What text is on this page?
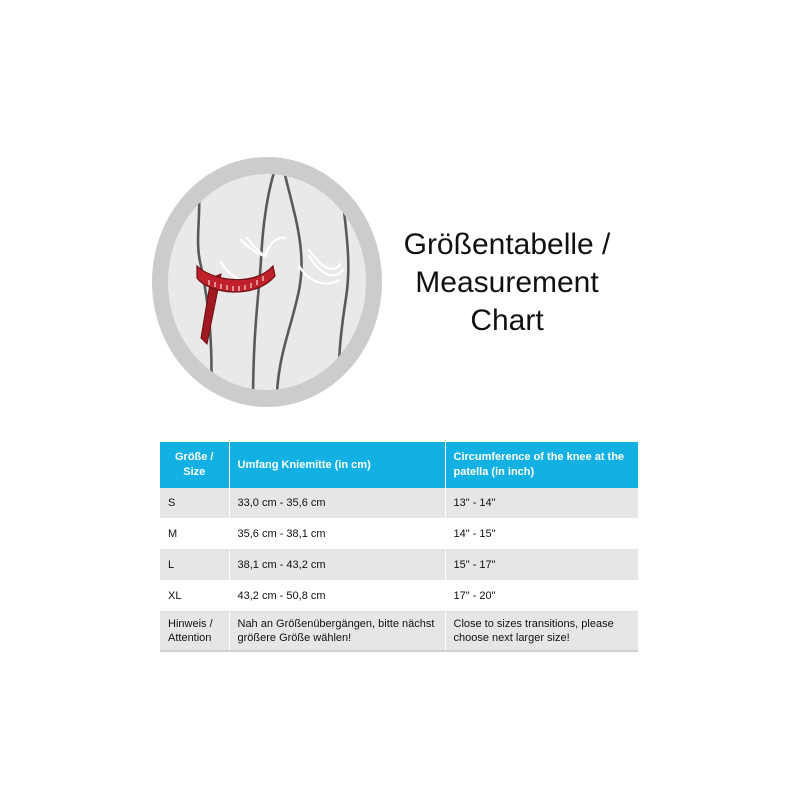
Größentabelle /
Measurement
Chart
Größe / Size	Umfang Kniemitte (in cm)	Circumference of the knee at the patella (in inch)
S	33,0 cm - 35,6 cm	13" - 14"
M	35,6 cm - 38,1 cm	14" - 15"
L	38,1 cm - 43,2 cm	15" - 17"
XL	43,2 cm - 50,8 cm	17" - 20"
Hinweis / Attention	Nah an Größenübergängen, bitte nächst größere Größe wählen!	Close to sizes transitions, please choose next larger size!
